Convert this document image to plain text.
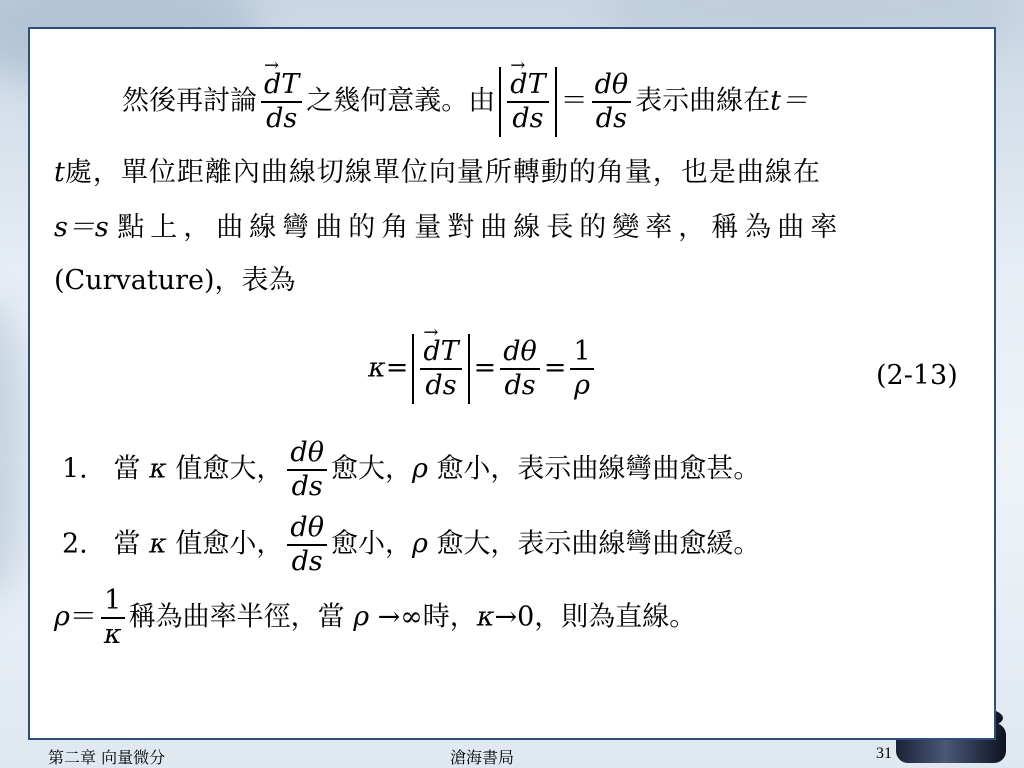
然後再討論 $\frac{dT \to}{ds}$ 之幾何意義。由 $\frac{dT \to}{ds} = \frac{d\theta}{ds}$ 表示曲線在t＝
t處，單位距離內曲線切線單位向量所轉動的角量，也是曲線在
s＝s 點上，曲線彎曲的角量對曲線長的變率，稱為曲率
(Curvature)，表為
$\kappa= \frac{dT \to}{ds} = \frac{d\theta}{ds} = \frac{1}{\rho}$	(2-13)
1. 當 κ 值愈大， $\frac{d\theta}{ds}$ 愈大，ρ 愈小，表示曲線彎曲愈甚。
2. 當 κ 值愈小， $\frac{d\theta}{ds}$ 愈小，ρ 愈大，表示曲線彎曲愈緩。
$\rho= \frac{1}{\kappa}$ 稱為曲率半徑，當 ρ →∞時，κ→0，則為直線。
第二章 向量微分	滄海書局	31
